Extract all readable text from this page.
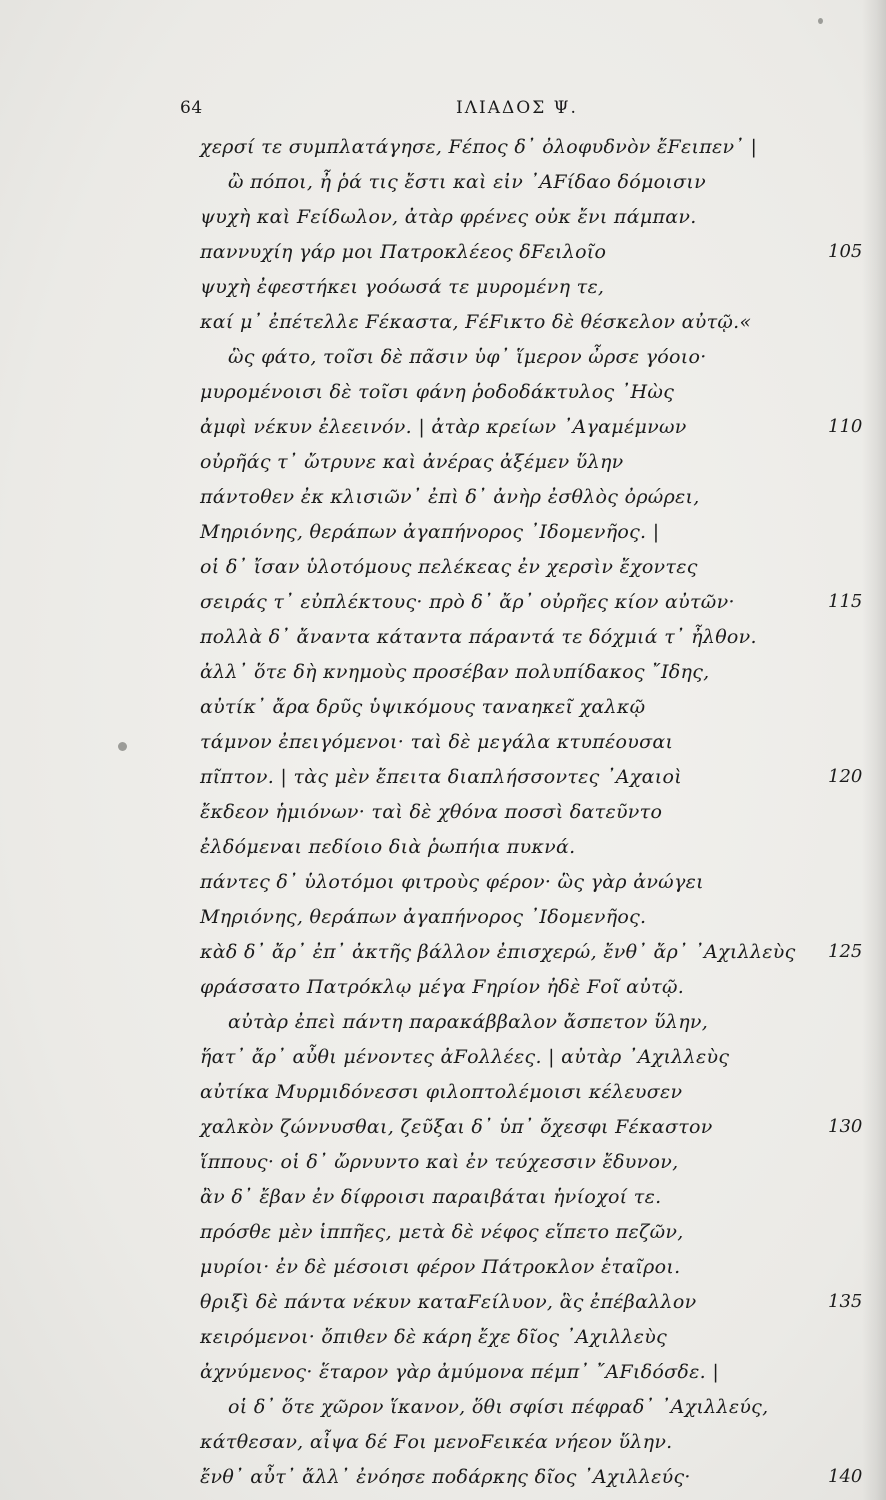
64	ΙΛΙΑΔΟΣ Ψ.
χερσί τε συμπλατάγησε, Fέπος δ᾽ ὀλοφυδνὸν ἔFειπεν᾽ |
ὢ πόποι, ἦ ῥά τις ἔστι καὶ εἰν ᾽ΑFίδαο δόμοισιν
ψυχὴ καὶ Fείδωλον, ἀτὰρ φρένες οὐκ ἔνι πάμπαν.
παννυχίη γάρ μοι Πατροκλέεος δFειλοῖο	105
ψυχὴ ἐφεστήκει γοόωσά τε μυρομένη τε,
καί μ᾽ ἐπέτελλε Fέκαστα, FέFικτο δὲ θέσκελον αὐτῷ.«
ὣς φάτο, τοῖσι δὲ πᾶσιν ὑφ᾽ ἵμερον ὦρσε γόοιο·
μυρομένοισι δὲ τοῖσι φάνη ῥοδοδάκτυλος ᾽Ηὼς
ἀμφὶ νέκυν ἐλεεινόν. | ἀτὰρ κρείων ᾽Αγαμέμνων	110
οὐρῆάς τ᾽ ὤτρυνε καὶ ἀνέρας ἀξέμεν ὕλην
πάντοθεν ἐκ κλισιῶν᾽ ἐπὶ δ᾽ ἀνὴρ ἐσθλὸς ὀρώρει,
Μηριόνης, θεράπων ἀγαπήνορος ᾽Ιδομενῆος. |
οἱ δ᾽ ἴσαν ὑλοτόμους πελέκεας ἐν χερσὶν ἔχοντες
σειράς τ᾽ εὐπλέκτους· πρὸ δ᾽ ἄρ᾽ οὐρῆες κίον αὐτῶν·	115
πολλὰ δ᾽ ἄναντα κάταντα πάραντά τε δόχμιά τ᾽ ἦλθον.
ἀλλ᾽ ὅτε δὴ κνημοὺς προσέβαν πολυπίδακος ῎Ιδης,
αὐτίκ᾽ ἄρα δρῦς ὑψικόμους ταναηκεῖ χαλκῷ
τάμνον ἐπειγόμενοι· ταὶ δὲ μεγάλα κτυπέουσαι
πῖπτον. | τὰς μὲν ἔπειτα διαπλήσσοντες ᾽Αχαιοὶ	120
ἔκδεον ἡμιόνων· ταὶ δὲ χθόνα ποσσὶ δατεῦντο
ἐλδόμεναι πεδίοιο διὰ ῥωπήια πυκνά.
πάντες δ᾽ ὑλοτόμοι φιτροὺς φέρον· ὣς γὰρ ἀνώγει
Μηριόνης, θεράπων ἀγαπήνορος ᾽Ιδομενῆος.
κὰδ δ᾽ ἄρ᾽ ἐπ᾽ ἀκτῆς βάλλον ἐπισχερώ, ἔνθ᾽ ἄρ᾽ ᾽Αχιλλεὺς 125
φράσσατο Πατρόκλῳ μέγα Fηρίον ἠδὲ Fοῖ αὐτῷ.
αὐτὰρ ἐπεὶ πάντη παρακάββαλον ἄσπετον ὕλην,
ἥατ᾽ ἄρ᾽ αὖθι μένοντες ἀFολλέες. | αὐτὰρ ᾽Αχιλλεὺς
αὐτίκα Μυρμιδόνεσσι φιλοπτολέμοισι κέλευσεν
χαλκὸν ζώννυσθαι, ζεῦξαι δ᾽ ὑπ᾽ ὄχεσφι Fέκαστον	130
ἵππους· οἱ δ᾽ ὤρνυντο καὶ ἐν τεύχεσσιν ἔδυνον,
ἂν δ᾽ ἔβαν ἐν δίφροισι παραιβάται ἡνίοχοί τε.
πρόσθε μὲν ἱππῆες, μετὰ δὲ νέφος εἵπετο πεζῶν,
μυρίοι· ἐν δὲ μέσοισι φέρον Πάτροκλον ἑταῖροι.
θριξὶ δὲ πάντα νέκυν καταFείλυον, ἃς ἐπέβαλλον	135
κειρόμενοι· ὄπιθεν δὲ κάρη ἔχε δῖος ᾽Αχιλλεὺς
ἀχνύμενος· ἕταρον γὰρ ἀμύμονα πέμπ᾽ ῎ΑFιδόσδε. |
οἱ δ᾽ ὅτε χῶρον ἵκανον, ὅθι σφίσι πέφραδ᾽ ᾽Αχιλλεύς,
κάτθεσαν, αἶψα δέ Fοι μενοFεικέα νήεον ὕλην.
ἔνθ᾽ αὖτ᾽ ἄλλ᾽ ἐνόησε ποδάρκης δῖος ᾽Αχιλλεύς·	140
